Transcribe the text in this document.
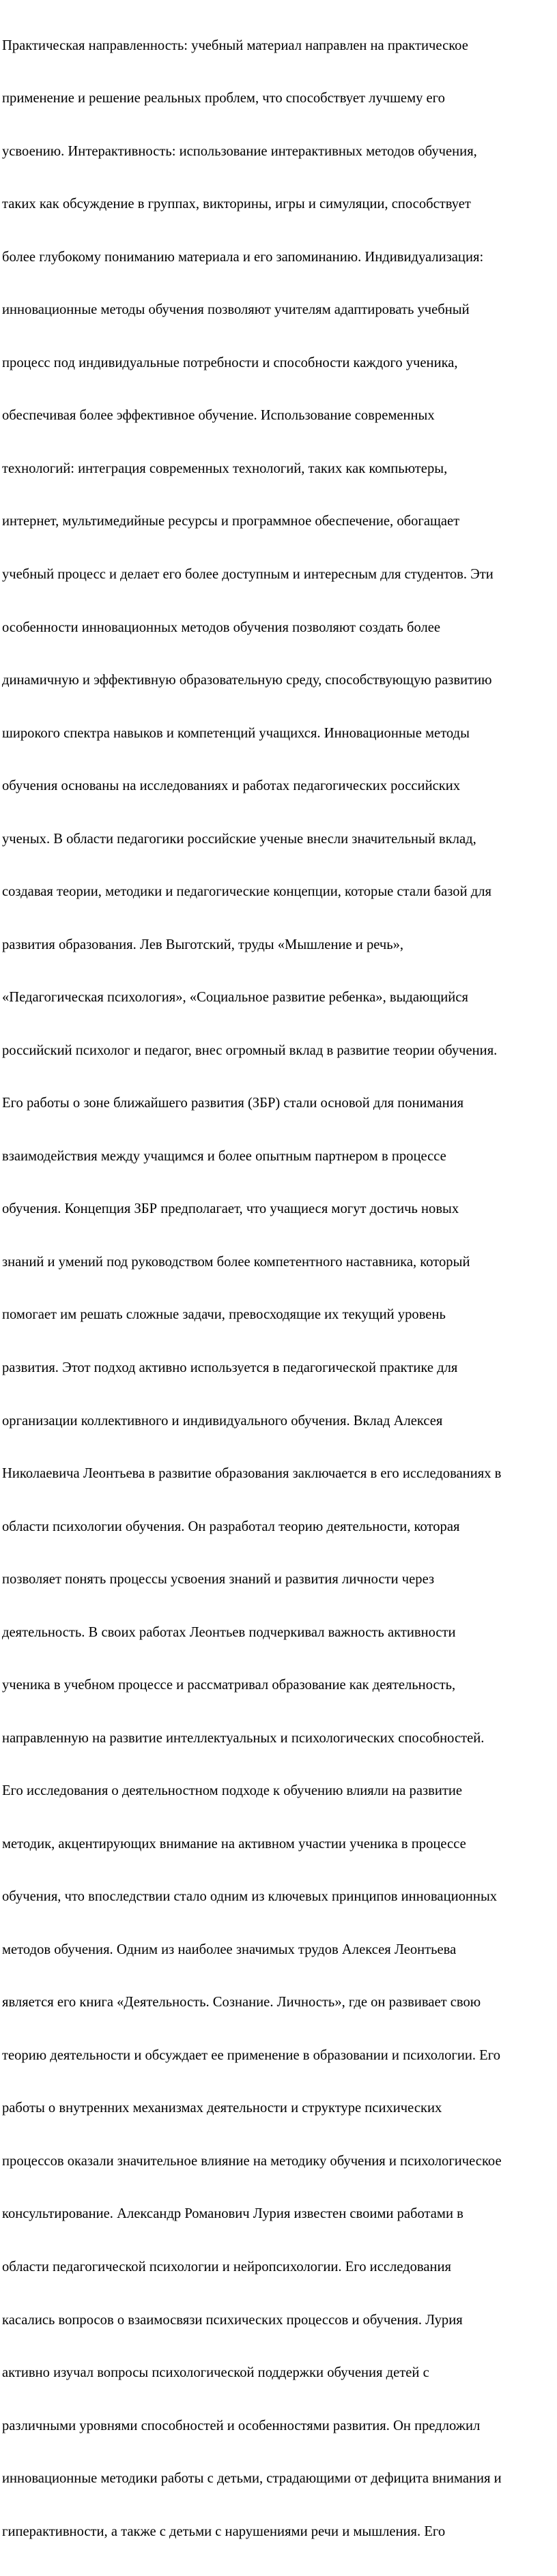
Практическая направленность: учебный материал направлен на практическое

применение и решение реальных проблем, что способствует лучшему его

усвоению. Интерактивность: использование интерактивных методов обучения,

таких как обсуждение в группах, викторины, игры и симуляции, способствует

более глубокому пониманию материала и его запоминанию. Индивидуализация:

инновационные методы обучения позволяют учителям адаптировать учебный

процесс под индивидуальные потребности и способности каждого ученика,

обеспечивая более эффективное обучение. Использование современных

технологий: интеграция современных технологий, таких как компьютеры,

интернет, мультимедийные ресурсы и программное обеспечение, обогащает

учебный процесс и делает его более доступным и интересным для студентов. Эти

особенности инновационных методов обучения позволяют создать более

динамичную и эффективную образовательную среду, способствующую развитию

широкого спектра навыков и компетенций учащихся. Инновационные методы

обучения основаны на исследованиях и работах педагогических российских

ученых. В области педагогики российские ученые внесли значительный вклад,

создавая теории, методики и педагогические концепции, которые стали базой для

развития образования. Лев Выготский, труды «Мышление и речь»,

«Педагогическая психология», «Социальное развитие ребенка», выдающийся

российский психолог и педагог, внес огромный вклад в развитие теории обучения.

Его работы о зоне ближайшего развития (ЗБР) стали основой для понимания

взаимодействия между учащимся и более опытным партнером в процессе

обучения. Концепция ЗБР предполагает, что учащиеся могут достичь новых

знаний и умений под руководством более компетентного наставника, который

помогает им решать сложные задачи, превосходящие их текущий уровень

развития. Этот подход активно используется в педагогической практике для

организации коллективного и индивидуального обучения. Вклад Алексея

Николаевича Леонтьева в развитие образования заключается в его исследованиях в

области психологии обучения. Он разработал теорию деятельности, которая

позволяет понять процессы усвоения знаний и развития личности через

деятельность. В своих работах Леонтьев подчеркивал важность активности

ученика в учебном процессе и рассматривал образование как деятельность,

направленную на развитие интеллектуальных и психологических способностей.

Его исследования о деятельностном подходе к обучению влияли на развитие

методик, акцентирующих внимание на активном участии ученика в процессе

обучения, что впоследствии стало одним из ключевых принципов инновационных

методов обучения. Одним из наиболее значимых трудов Алексея Леонтьева

является его книга «Деятельность. Сознание. Личность», где он развивает свою

теорию деятельности и обсуждает ее применение в образовании и психологии. Его

работы о внутренних механизмах деятельности и структуре психических

процессов оказали значительное влияние на методику обучения и психологическое

консультирование. Александр Романович Лурия известен своими работами в

области педагогической психологии и нейропсихологии. Его исследования

касались вопросов о взаимосвязи психических процессов и обучения. Лурия

активно изучал вопросы психологической поддержки обучения детей с

различными уровнями способностей и особенностями развития. Он предложил

инновационные методики работы с детьми, страдающими от дефицита внимания и

гиперактивности, а также с детьми с нарушениями речи и мышления. Его
